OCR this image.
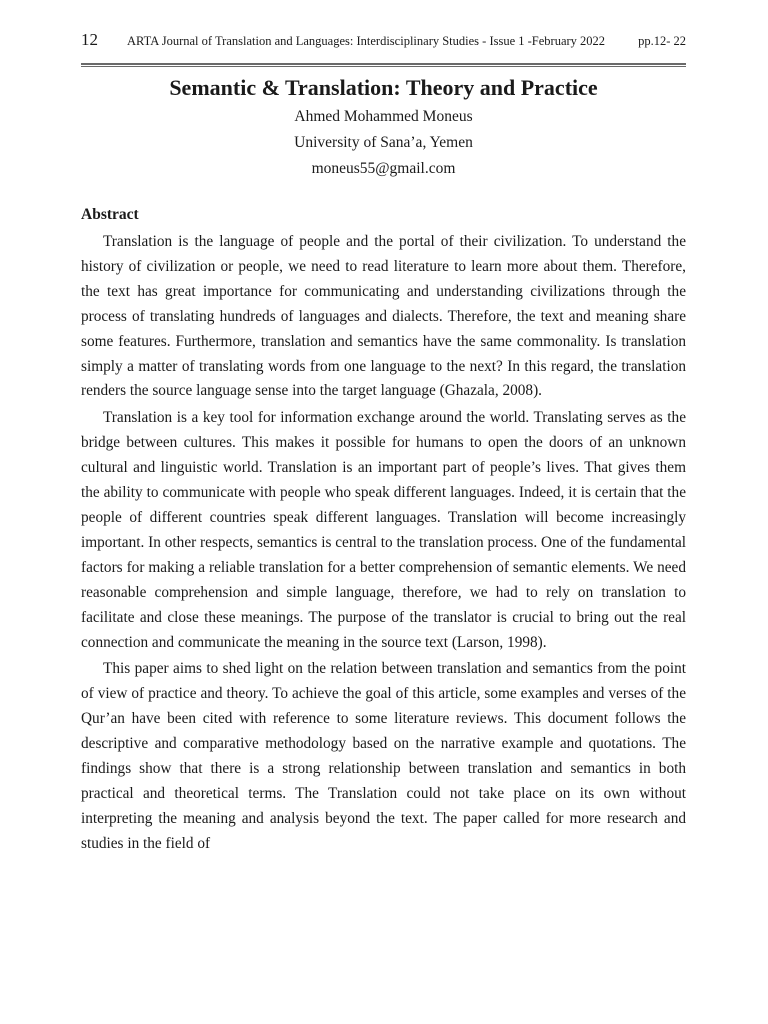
12 ARTA Journal of Translation and Languages: Interdisciplinary Studies - Issue 1 -February 2022	pp.12- 22
Semantic & Translation: Theory and Practice

Ahmed Mohammed Moneus

University of Sana’a, Yemen

moneus55@gmail.com

Abstract

Translation is the language of people and the portal of their civilization. To understand the history of civilization or people, we need to read literature to learn more about them. Therefore, the text has great importance for communicating and understanding civilizations through the process of translating hundreds of languages and dialects. Therefore, the text and meaning share some features. Furthermore, translation and semantics have the same commonality. Is translation simply a matter of translating words from one language to the next? In this regard, the translation renders the source language sense into the target language (Ghazala, 2008).

Translation is a key tool for information exchange around the world. Translating serves as the bridge between cultures. This makes it possible for humans to open the doors of an unknown cultural and linguistic world. Translation is an important part of people’s lives. That gives them the ability to communicate with people who speak different languages. Indeed, it is certain that the people of different countries speak different languages. Translation will become increasingly important. In other respects, semantics is central to the translation process. One of the fundamental factors for making a reliable translation for a better comprehension of semantic elements. We need reasonable comprehension and simple language, therefore, we had to rely on translation to facilitate and close these meanings. The purpose of the translator is crucial to bring out the real connection and communicate the meaning in the source text (Larson, 1998).

This paper aims to shed light on the relation between translation and semantics from the point of view of practice and theory. To achieve the goal of this article, some examples and verses of the Qur’an have been cited with reference to some literature reviews. This document follows the descriptive and comparative methodology based on the narrative example and quotations. The findings show that there is a strong relationship between translation and semantics in both practical and theoretical terms. The Translation could not take place on its own without interpreting the meaning and analysis beyond the text. The paper called for more research and studies in the field of
